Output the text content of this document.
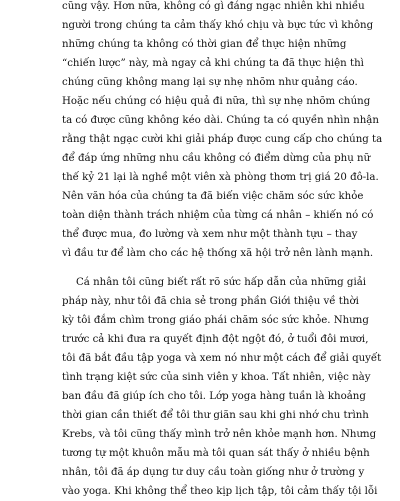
cũng vậy. Hơn nữa, không có gì đáng ngạc nhiên khi nhiều
người trong chúng ta cảm thấy khó chịu và bực tức vì không
những chúng ta không có thời gian để thực hiện những
“chiến lược” này, mà ngay cả khi chúng ta đã thực hiện thì
chúng cũng không mang lại sự nhẹ nhõm như quảng cáo.
Hoặc nếu chúng có hiệu quả đi nữa, thì sự nhẹ nhõm chúng
ta có được cũng không kéo dài. Chúng ta có quyền nhìn nhận
rằng thật ngạc cười khi giải pháp được cung cấp cho chúng ta
để đáp ứng những nhu cầu không có điểm dừng của phụ nữ
thế kỷ 21 lại là nghề một viên xà phòng thơm trị giá 20 đô-la.
Nên văn hóa của chúng ta đã biến việc chăm sóc sức khỏe
toàn diện thành trách nhiệm của từng cá nhân – khiến nó có
thể được mua, đo lường và xem như một thành tựu – thay
vì đầu tư để làm cho các hệ thống xã hội trở nên lành mạnh.
Cá nhân tôi cũng biết rất rõ sức hấp dẫn của những giải
pháp này, như tôi đã chia sẻ trong phần Giới thiệu về thời
kỳ tôi đắm chìm trong giáo phái chăm sóc sức khỏe. Nhưng
trước cả khi đưa ra quyết định đột ngột đó, ở tuổi đôi mươi,
tôi đã bắt đầu tập yoga và xem nó như một cách để giải quyết
tình trạng kiệt sức của sinh viên y khoa. Tất nhiên, việc này
ban đầu đã giúp ích cho tôi. Lớp yoga hàng tuần là khoảng
thời gian cần thiết để tôi thư giãn sau khi ghi nhớ chu trình
Krebs, và tôi cũng thấy mình trở nên khỏe mạnh hơn. Nhưng
tương tự một khuôn mẫu mà tôi quan sát thấy ở nhiều bệnh
nhân, tôi đã áp dụng tư duy cầu toàn giống như ở trường y
vào yoga. Khi không thể theo kịp lịch tập, tôi cảm thấy tội lỗi
